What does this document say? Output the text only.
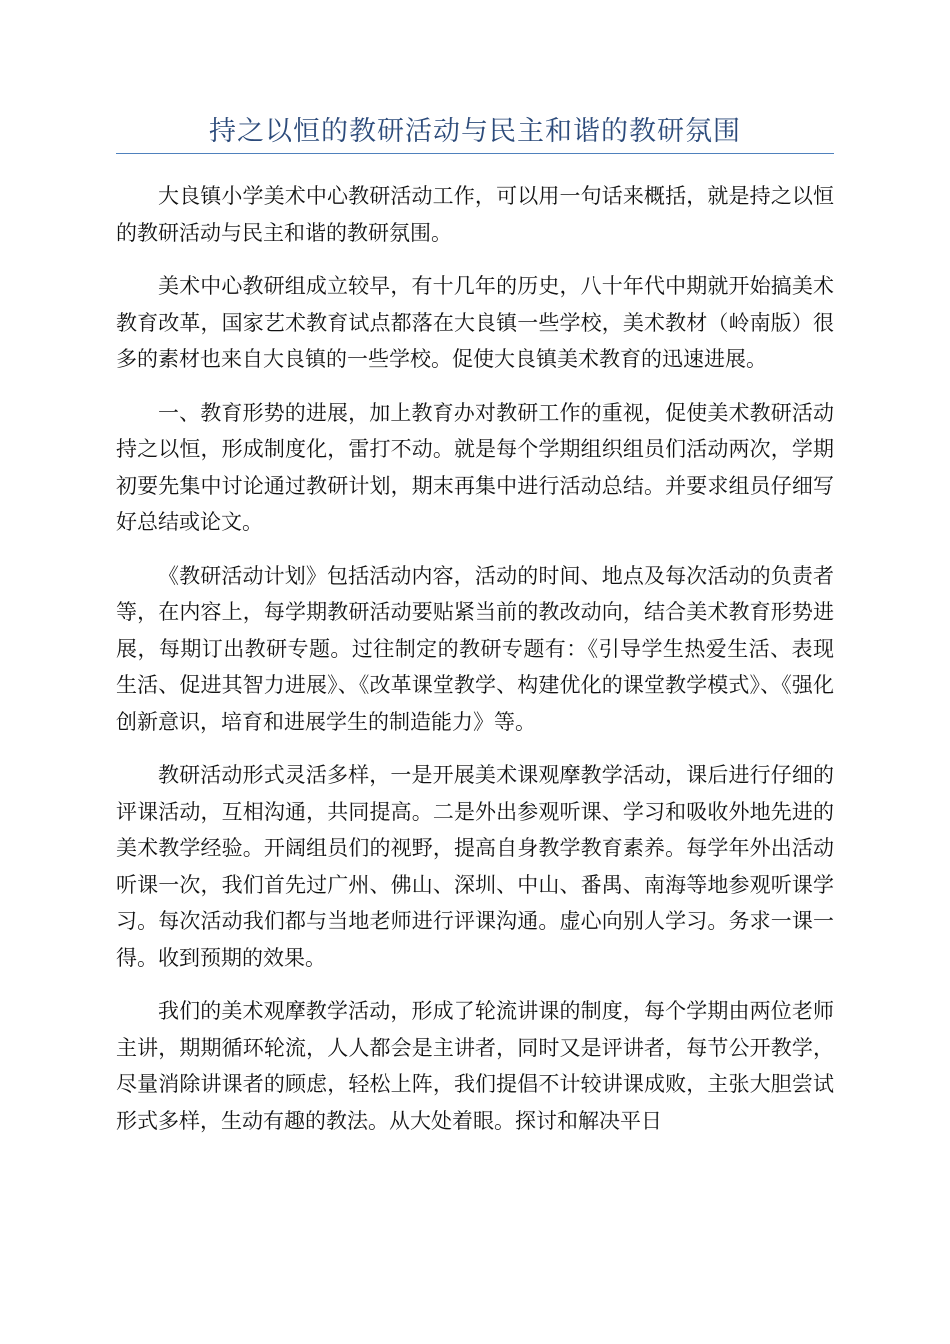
持之以恒的教研活动与民主和谐的教研氛围

大良镇小学美术中心教研活动工作，可以用一句话来概括，就是持之以恒的教研活动与民主和谐的教研氛围。

美术中心教研组成立较早，有十几年的历史，八十年代中期就开始搞美术教育改革，国家艺术教育试点都落在大良镇一些学校，美术教材（岭南版）很多的素材也来自大良镇的一些学校。促使大良镇美术教育的迅速进展。

一、教育形势的进展，加上教育办对教研工作的重视，促使美术教研活动持之以恒，形成制度化，雷打不动。就是每个学期组织组员们活动两次，学期初要先集中讨论通过教研计划，期末再集中进行活动总结。并要求组员仔细写好总结或论文。

《教研活动计划》包括活动内容，活动的时间、地点及每次活动的负责者等，在内容上，每学期教研活动要贴紧当前的教改动向，结合美术教育形势进展，每期订出教研专题。过往制定的教研专题有：《引导学生热爱生活、表现生活、促进其智力进展》、《改革课堂教学、构建优化的课堂教学模式》、《强化创新意识，培育和进展学生的制造能力》等。

教研活动形式灵活多样，一是开展美术课观摩教学活动，课后进行仔细的评课活动，互相沟通，共同提高。二是外出参观听课、学习和吸收外地先进的美术教学经验。开阔组员们的视野，提高自身教学教育素养。每学年外出活动听课一次，我们首先过广州、佛山、深圳、中山、番禺、南海等地参观听课学习。每次活动我们都与当地老师进行评课沟通。虚心向别人学习。务求一课一得。收到预期的效果。

我们的美术观摩教学活动，形成了轮流讲课的制度，每个学期由两位老师主讲，期期循环轮流，人人都会是主讲者，同时又是评讲者，每节公开教学，尽量消除讲课者的顾虑，轻松上阵，我们提倡不计较讲课成败，主张大胆尝试形式多样，生动有趣的教法。从大处着眼。探讨和解决平日
